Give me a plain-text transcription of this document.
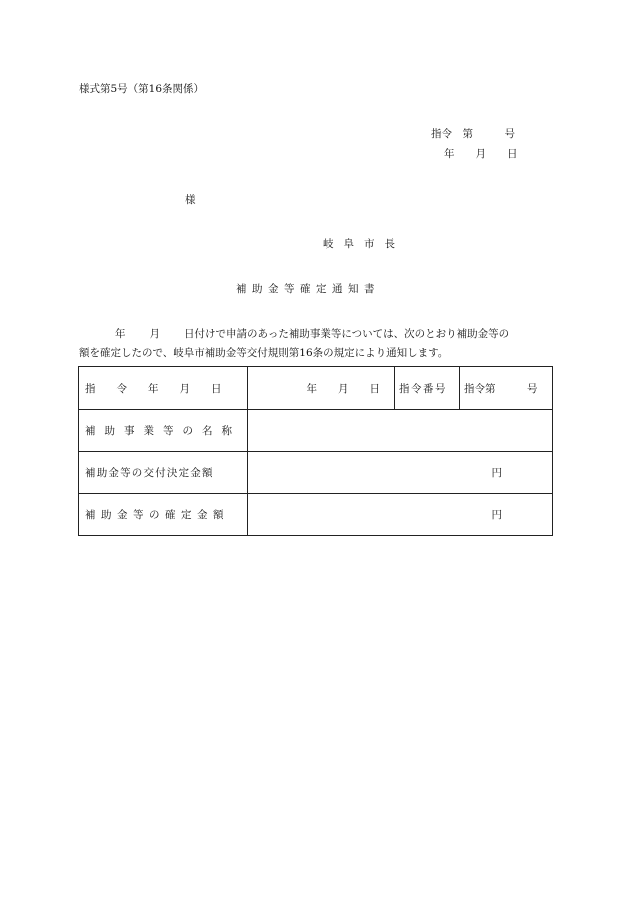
様式第5号（第16条関係）
指令　第　　　号
年　　月　　日
様
岐阜市長
補助金等確定通知書
年 月 日付けで申請のあった補助事業等については、次のとおり補助金等の
額を確定したので、岐阜市補助金等交付規則第16条の規定により通知します。
指令年月日	年　　月　　日	指令番号	指令第　　　号
補助事業等の名称			
補助金等の交付決定金額	円		
補助金等の確定金額	円		
